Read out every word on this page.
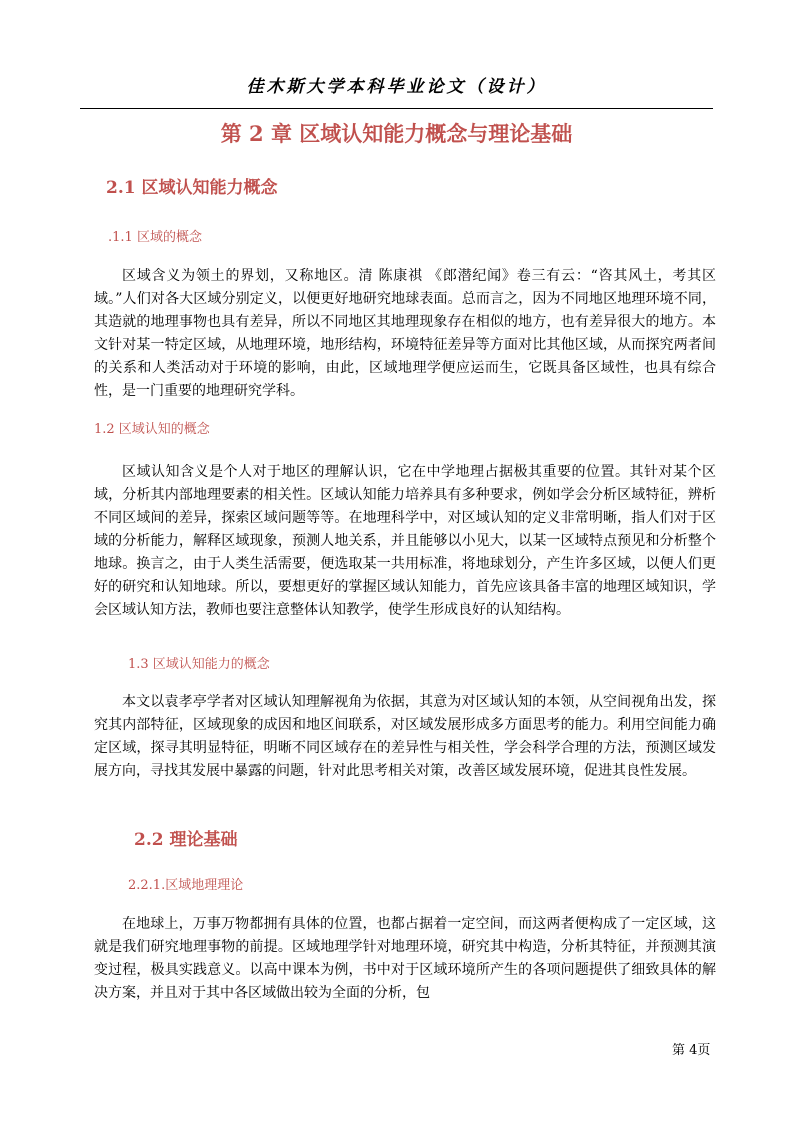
佳木斯大学本科毕业论文（设计）
第 2 章 区域认知能力概念与理论基础
2.1 区域认知能力概念
.1.1 区域的概念

区域含义为领土的界划，又称地区。清 陈康祺 《郎潜纪闻》卷三有云：“咨其风土，考其区域。”人们对各大区域分别定义，以便更好地研究地球表面。总而言之，因为不同地区地理环境不同，其造就的地理事物也具有差异，所以不同地区其地理现象存在相似的地方，也有差异很大的地方。本文针对某一特定区域，从地理环境，地形结构，环境特征差异等方面对比其他区域，从而探究两者间的关系和人类活动对于环境的影响，由此，区域地理学便应运而生，它既具备区域性，也具有综合性，是一门重要的地理研究学科。

1.2 区域认知的概念

区域认知含义是个人对于地区的理解认识，它在中学地理占据极其重要的位置。其针对某个区域，分析其内部地理要素的相关性。区域认知能力培养具有多种要求，例如学会分析区域特征，辨析不同区域间的差异，探索区域问题等等。在地理科学中，对区域认知的定义非常明晰，指人们对于区域的分析能力，解释区域现象，预测人地关系，并且能够以小见大，以某一区域特点预见和分析整个地球。换言之，由于人类生活需要，便选取某一共用标准，将地球划分，产生许多区域，以便人们更好的研究和认知地球。所以，要想更好的掌握区域认知能力，首先应该具备丰富的地理区域知识，学会区域认知方法，教师也要注意整体认知教学，使学生形成良好的认知结构。

1.3 区域认知能力的概念

本文以袁孝亭学者对区域认知理解视角为依据，其意为对区域认知的本领，从空间视角出发，探究其内部特征，区域现象的成因和地区间联系，对区域发展形成多方面思考的能力。利用空间能力确定区域，探寻其明显特征，明晰不同区域存在的差异性与相关性，学会科学合理的方法，预测区域发展方向，寻找其发展中暴露的问题，针对此思考相关对策，改善区域发展环境，促进其良性发展。

2.2 理论基础
2.2.1.区域地理理论

在地球上，万事万物都拥有具体的位置，也都占据着一定空间，而这两者便构成了一定区域，这就是我们研究地理事物的前提。区域地理学针对地理环境，研究其中构造，分析其特征，并预测其演变过程，极具实践意义。以高中课本为例，书中对于区域环境所产生的各项问题提供了细致具体的解决方案，并且对于其中各区域做出较为全面的分析，包

第 4页
